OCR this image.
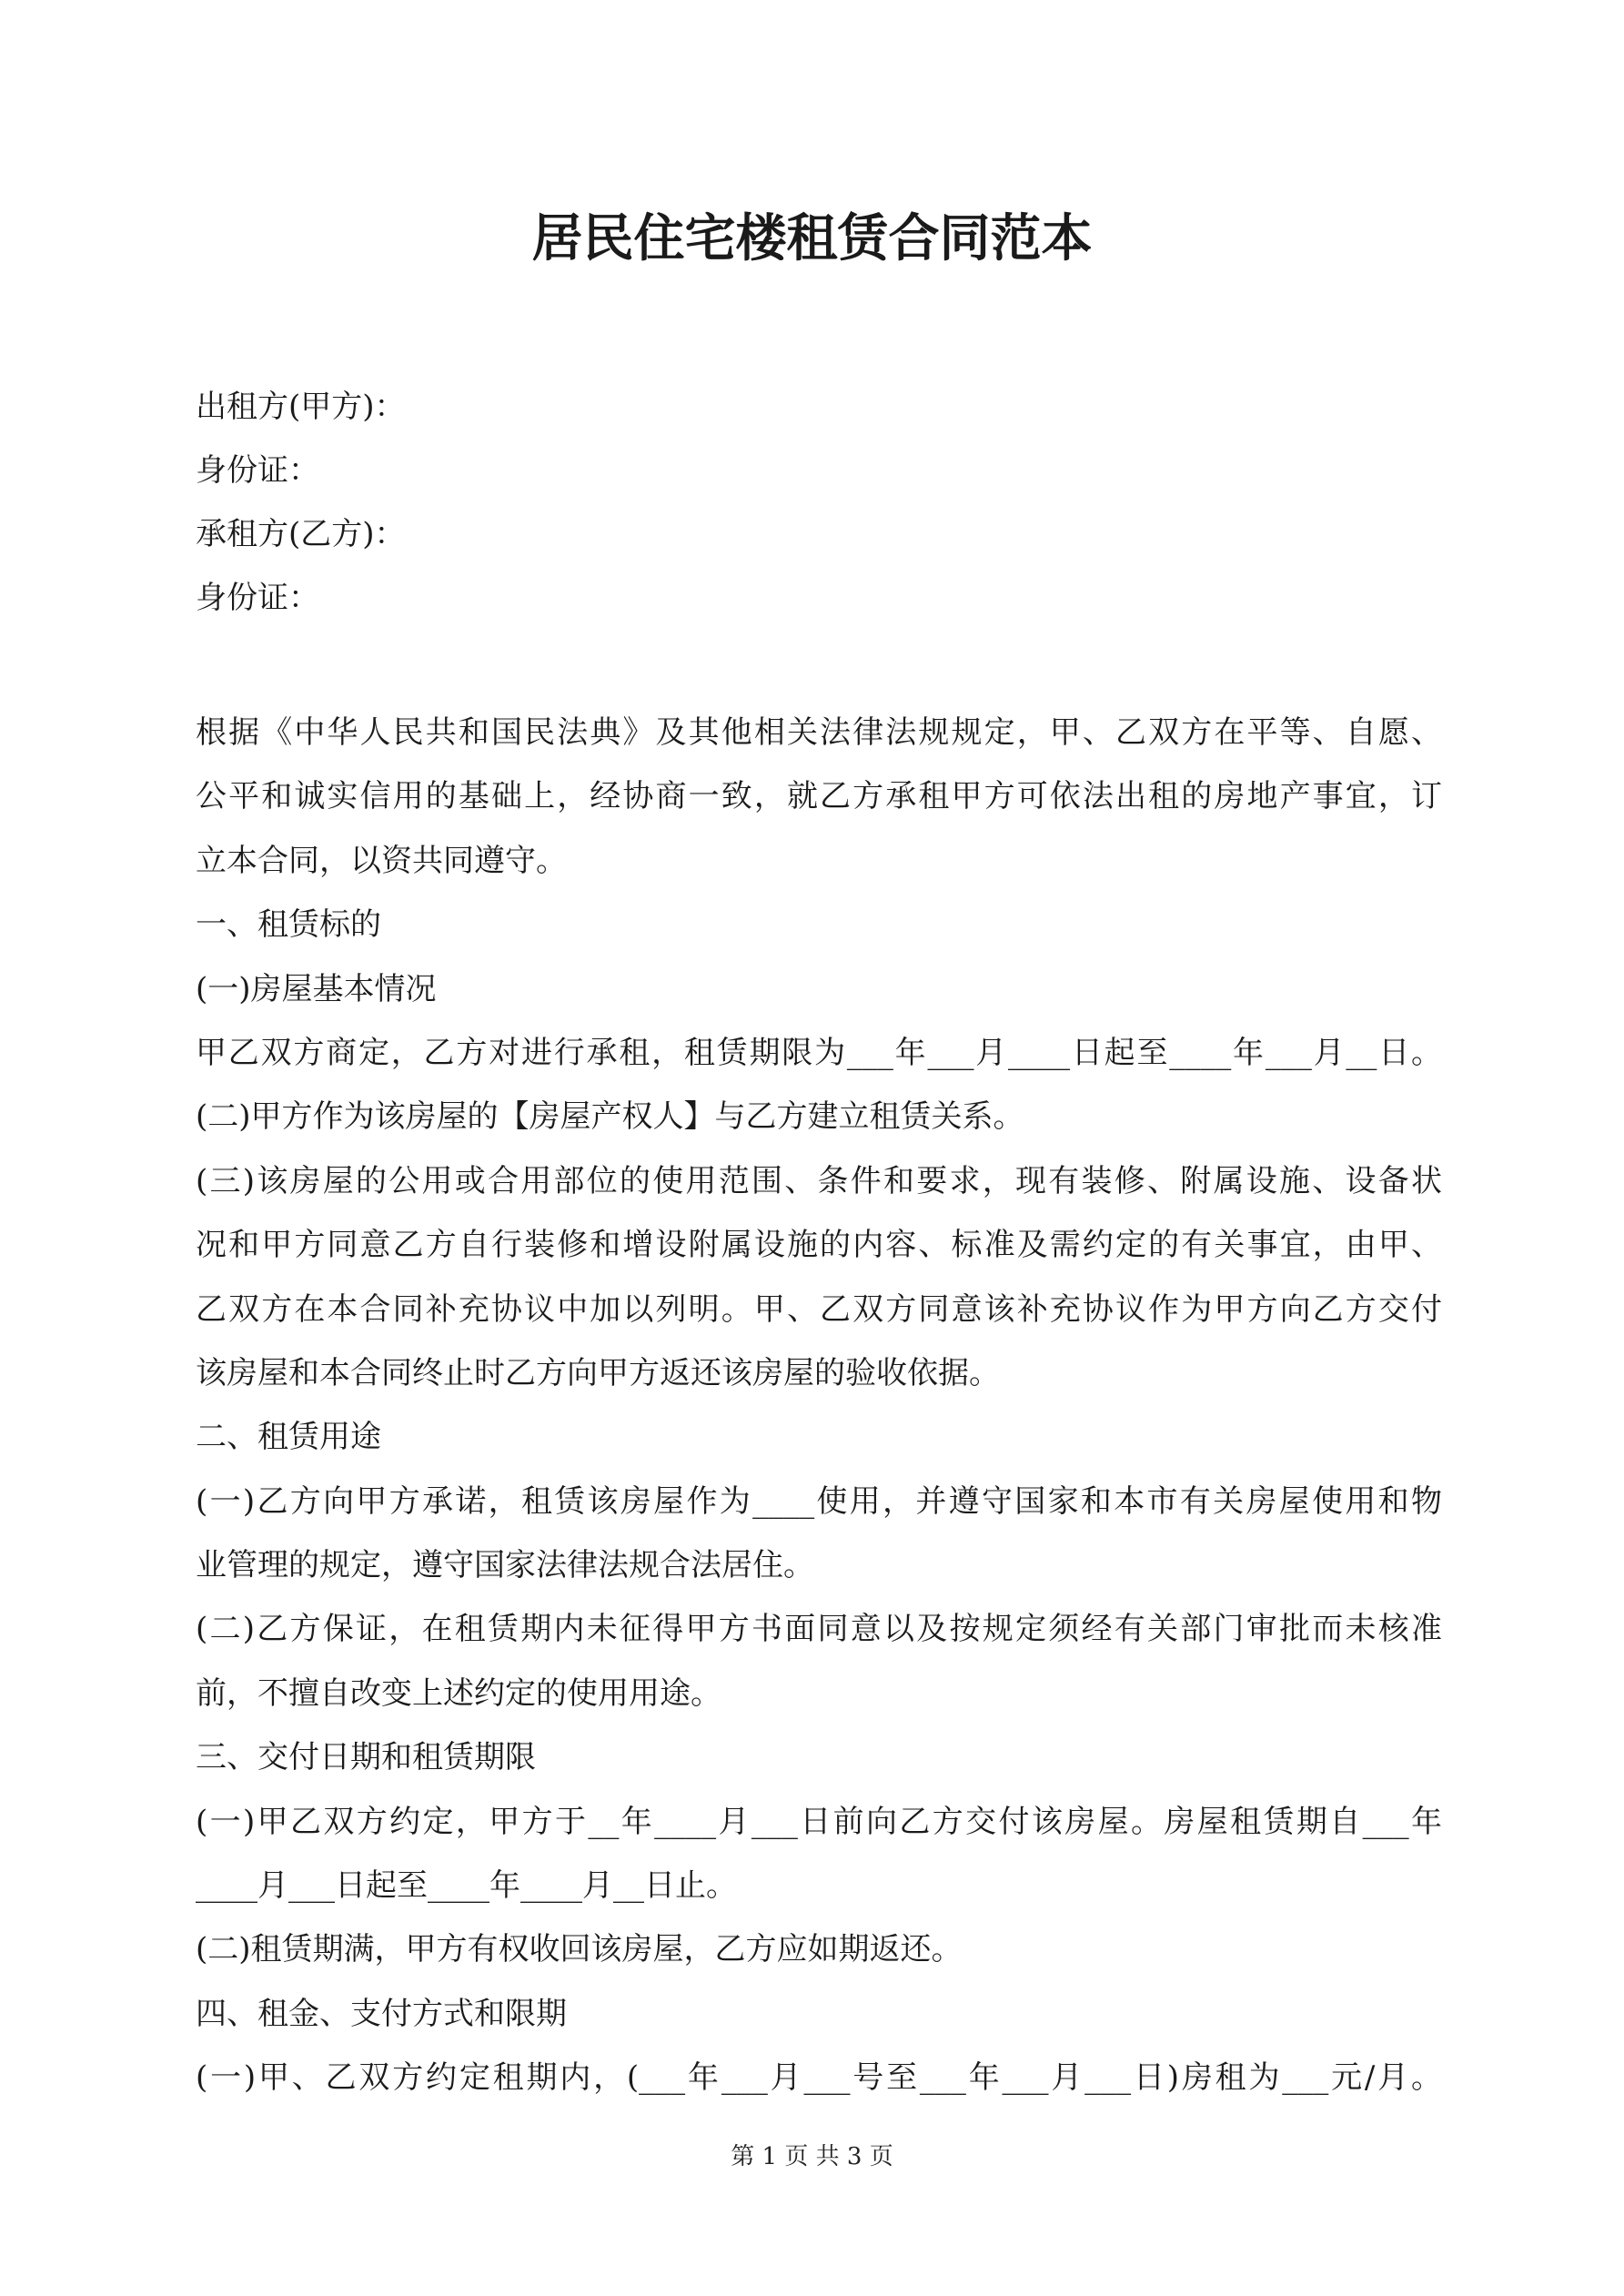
居民住宅楼租赁合同范本
出租方(甲方)：
身份证：
承租方(乙方)：
身份证：
根据《中华人民共和国民法典》及其他相关法律法规规定，甲、乙双方在平等、自愿、
公平和诚实信用的基础上，经协商一致，就乙方承租甲方可依法出租的房地产事宜，订
立本合同，以资共同遵守。
一、租赁标的
(一)房屋基本情况
甲乙双方商定，乙方对进行承租，租赁期限为___年___月____日起至____年___月__日。
(二)甲方作为该房屋的【房屋产权人】与乙方建立租赁关系。
(三)该房屋的公用或合用部位的使用范围、条件和要求，现有装修、附属设施、设备状
况和甲方同意乙方自行装修和增设附属设施的内容、标准及需约定的有关事宜，由甲、
乙双方在本合同补充协议中加以列明。甲、乙双方同意该补充协议作为甲方向乙方交付
该房屋和本合同终止时乙方向甲方返还该房屋的验收依据。
二、租赁用途
(一)乙方向甲方承诺，租赁该房屋作为____使用，并遵守国家和本市有关房屋使用和物
业管理的规定，遵守国家法律法规合法居住。
(二)乙方保证，在租赁期内未征得甲方书面同意以及按规定须经有关部门审批而未核准
前，不擅自改变上述约定的使用用途。
三、交付日期和租赁期限
(一)甲乙双方约定，甲方于__年____月___日前向乙方交付该房屋。房屋租赁期自___年
____月___日起至____年____月__日止。
(二)租赁期满，甲方有权收回该房屋，乙方应如期返还。
四、租金、支付方式和限期
(一)甲、乙双方约定租期内，(___年___月___号至___年___月___日)房租为___元/月。
第 1 页 共 3 页
